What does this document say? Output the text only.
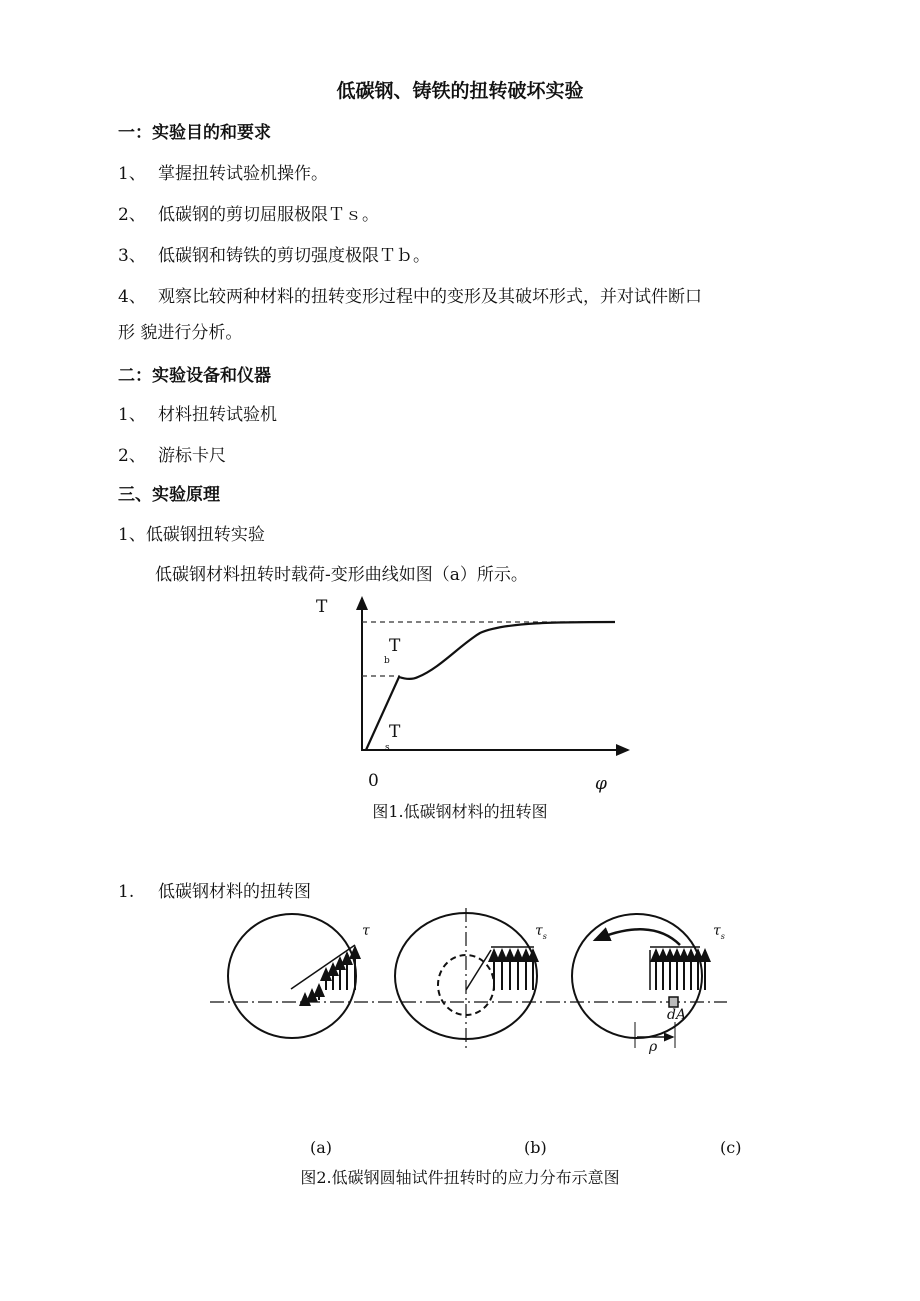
低碳钢、铸铁的扭转破坏实验
一：实验目的和要求
1、 掌握扭转试验机操作。
2、 低碳钢的剪切屈服极限Ｔｓ。
3、 低碳钢和铸铁的剪切强度极限Ｔｂ。
4、 观察比较两种材料的扭转变形过程中的变形及其破坏形式，并对试件断口
形 貌进行分析。
二：实验设备和仪器
1、 材料扭转试验机
2、 游标卡尺
三、实验原理
1、低碳钢扭转实验
低碳钢材料扭转时载荷-变形曲线如图（a）所示。
T
T
b
T
s
0	φ
图1.低碳钢材料的扭转图
1. 低碳钢材料的扭转图
τ	$\tau_s$	$\tau_s$
dA
ρ
(a)	(b)	(c)
图2.低碳钢圆轴试件扭转时的应力分布示意图
